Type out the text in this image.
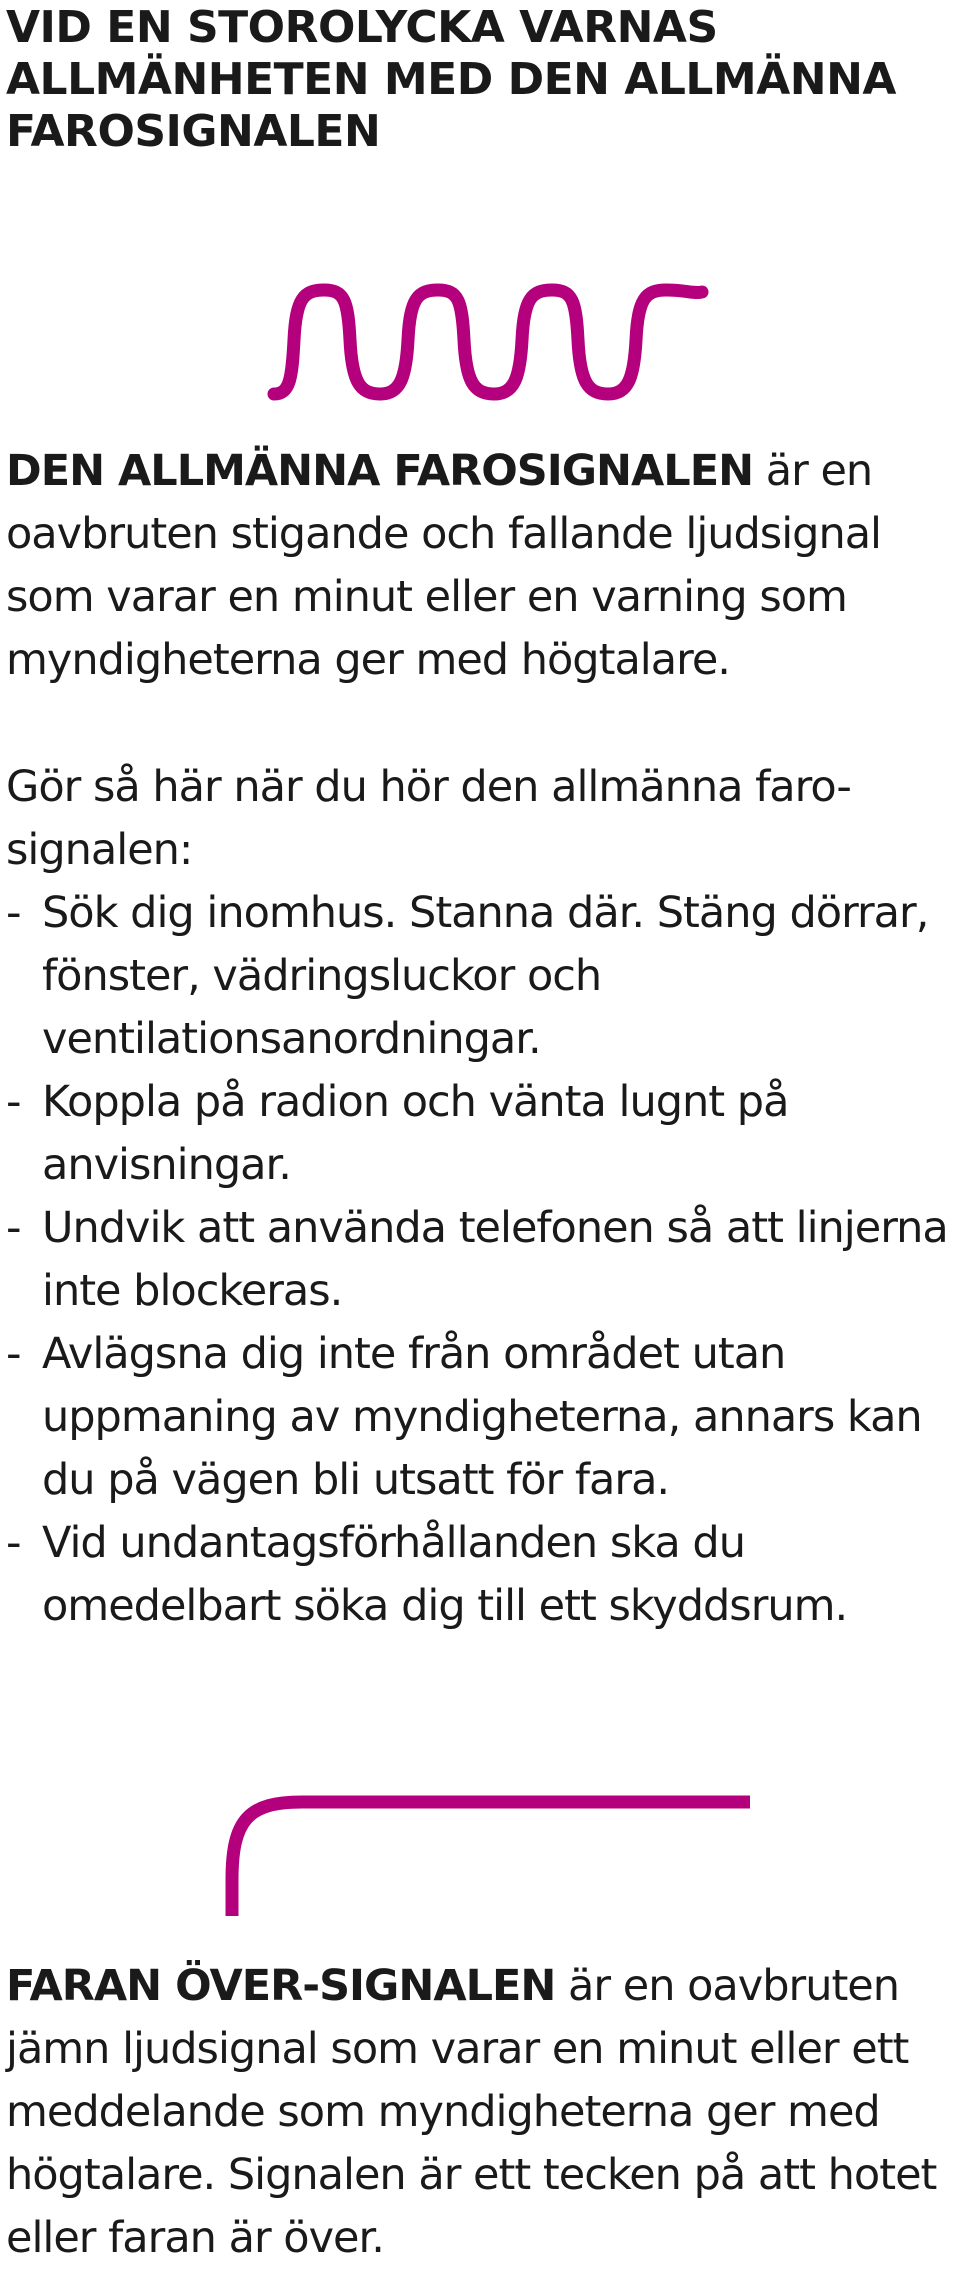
VID EN STOROLYCKA VARNAS
ALLMÄNHETEN MED DEN ALLMÄNNA
FAROSIGNALEN

DEN ALLMÄNNA FAROSIGNALEN är en oavbruten stigande och fallande ljudsignal som varar en minut eller en varning som myndigheterna ger med högtalare.

Gör så här när du hör den allmänna faro-signalen:

- Sök dig inomhus. Stanna där. Stäng dörrar, fönster, vädringsluckor och ventilationsanordningar.
- Koppla på radion och vänta lugnt på anvisningar.
- Undvik att använda telefonen så att linjerna inte blockeras.
- Avlägsna dig inte från området utan uppmaning av myndigheterna, annars kan du på vägen bli utsatt för fara.
- Vid undantagsförhållanden ska du omedelbart söka dig till ett skyddsrum.

FARAN ÖVER-SIGNALEN är en oavbruten jämn ljudsignal som varar en minut eller ett meddelande som myndigheterna ger med högtalare. Signalen är ett tecken på att hotet eller faran är över.
